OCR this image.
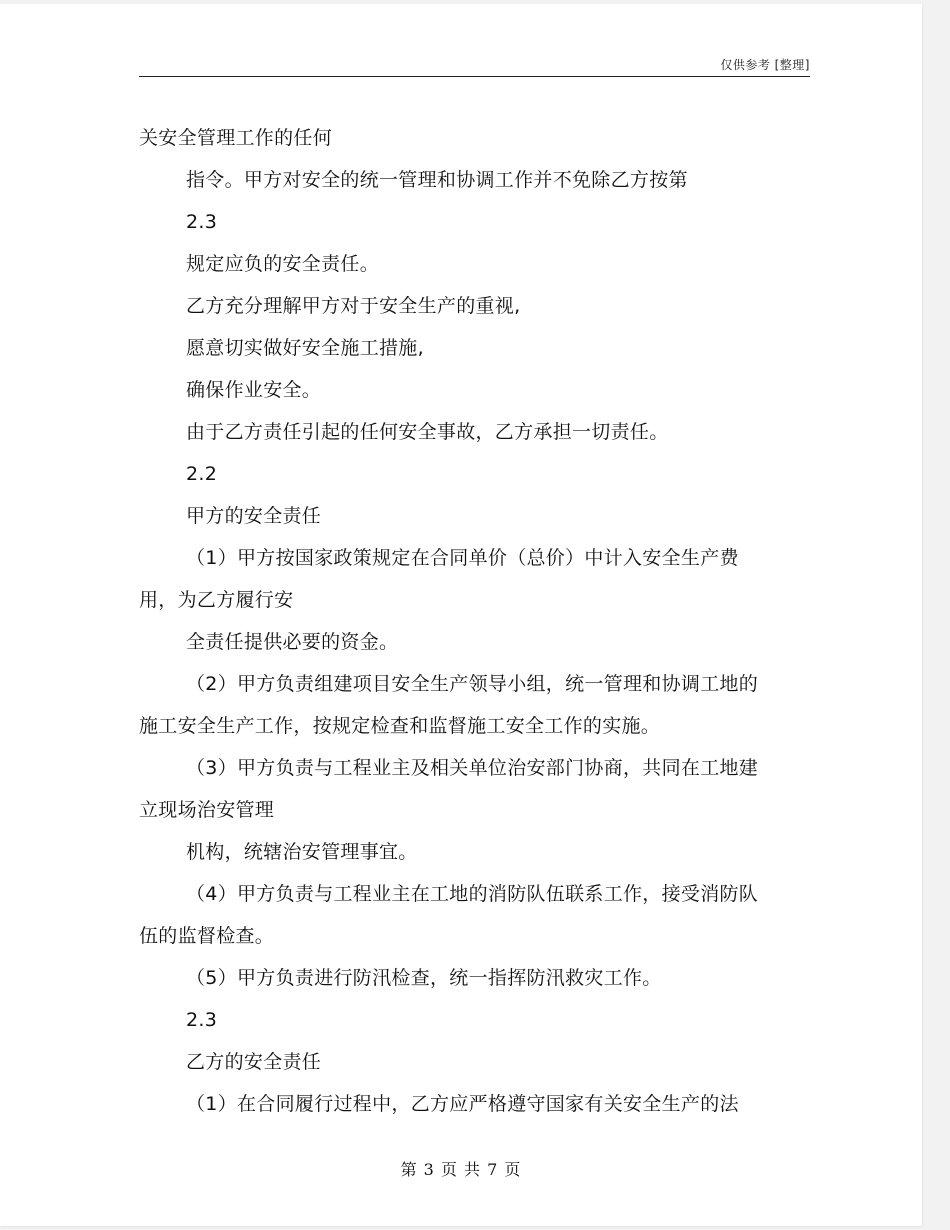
仅供参考 [整理]

关安全管理工作的任何

指令。甲方对安全的统一管理和协调工作并不免除乙方按第

2.3

规定应负的安全责任。

乙方充分理解甲方对于安全生产的重视,

愿意切实做好安全施工措施,

确保作业安全。

由于乙方责任引起的任何安全事故，乙方承担一切责任。

2.2

甲方的安全责任

（1）甲方按国家政策规定在合同单价（总价）中计入安全生产费用，为乙方履行安

全责任提供必要的资金。

（2）甲方负责组建项目安全生产领导小组，统一管理和协调工地的施工安全生产工作，按规定检查和监督施工安全工作的实施。

（3）甲方负责与工程业主及相关单位治安部门协商，共同在工地建立现场治安管理

机构，统辖治安管理事宜。

（4）甲方负责与工程业主在工地的消防队伍联系工作，接受消防队伍的监督检查。

（5）甲方负责进行防汛检查，统一指挥防汛救灾工作。

2.3

乙方的安全责任

（1）在合同履行过程中，乙方应严格遵守国家有关安全生产的法

第 3 页 共 7 页
